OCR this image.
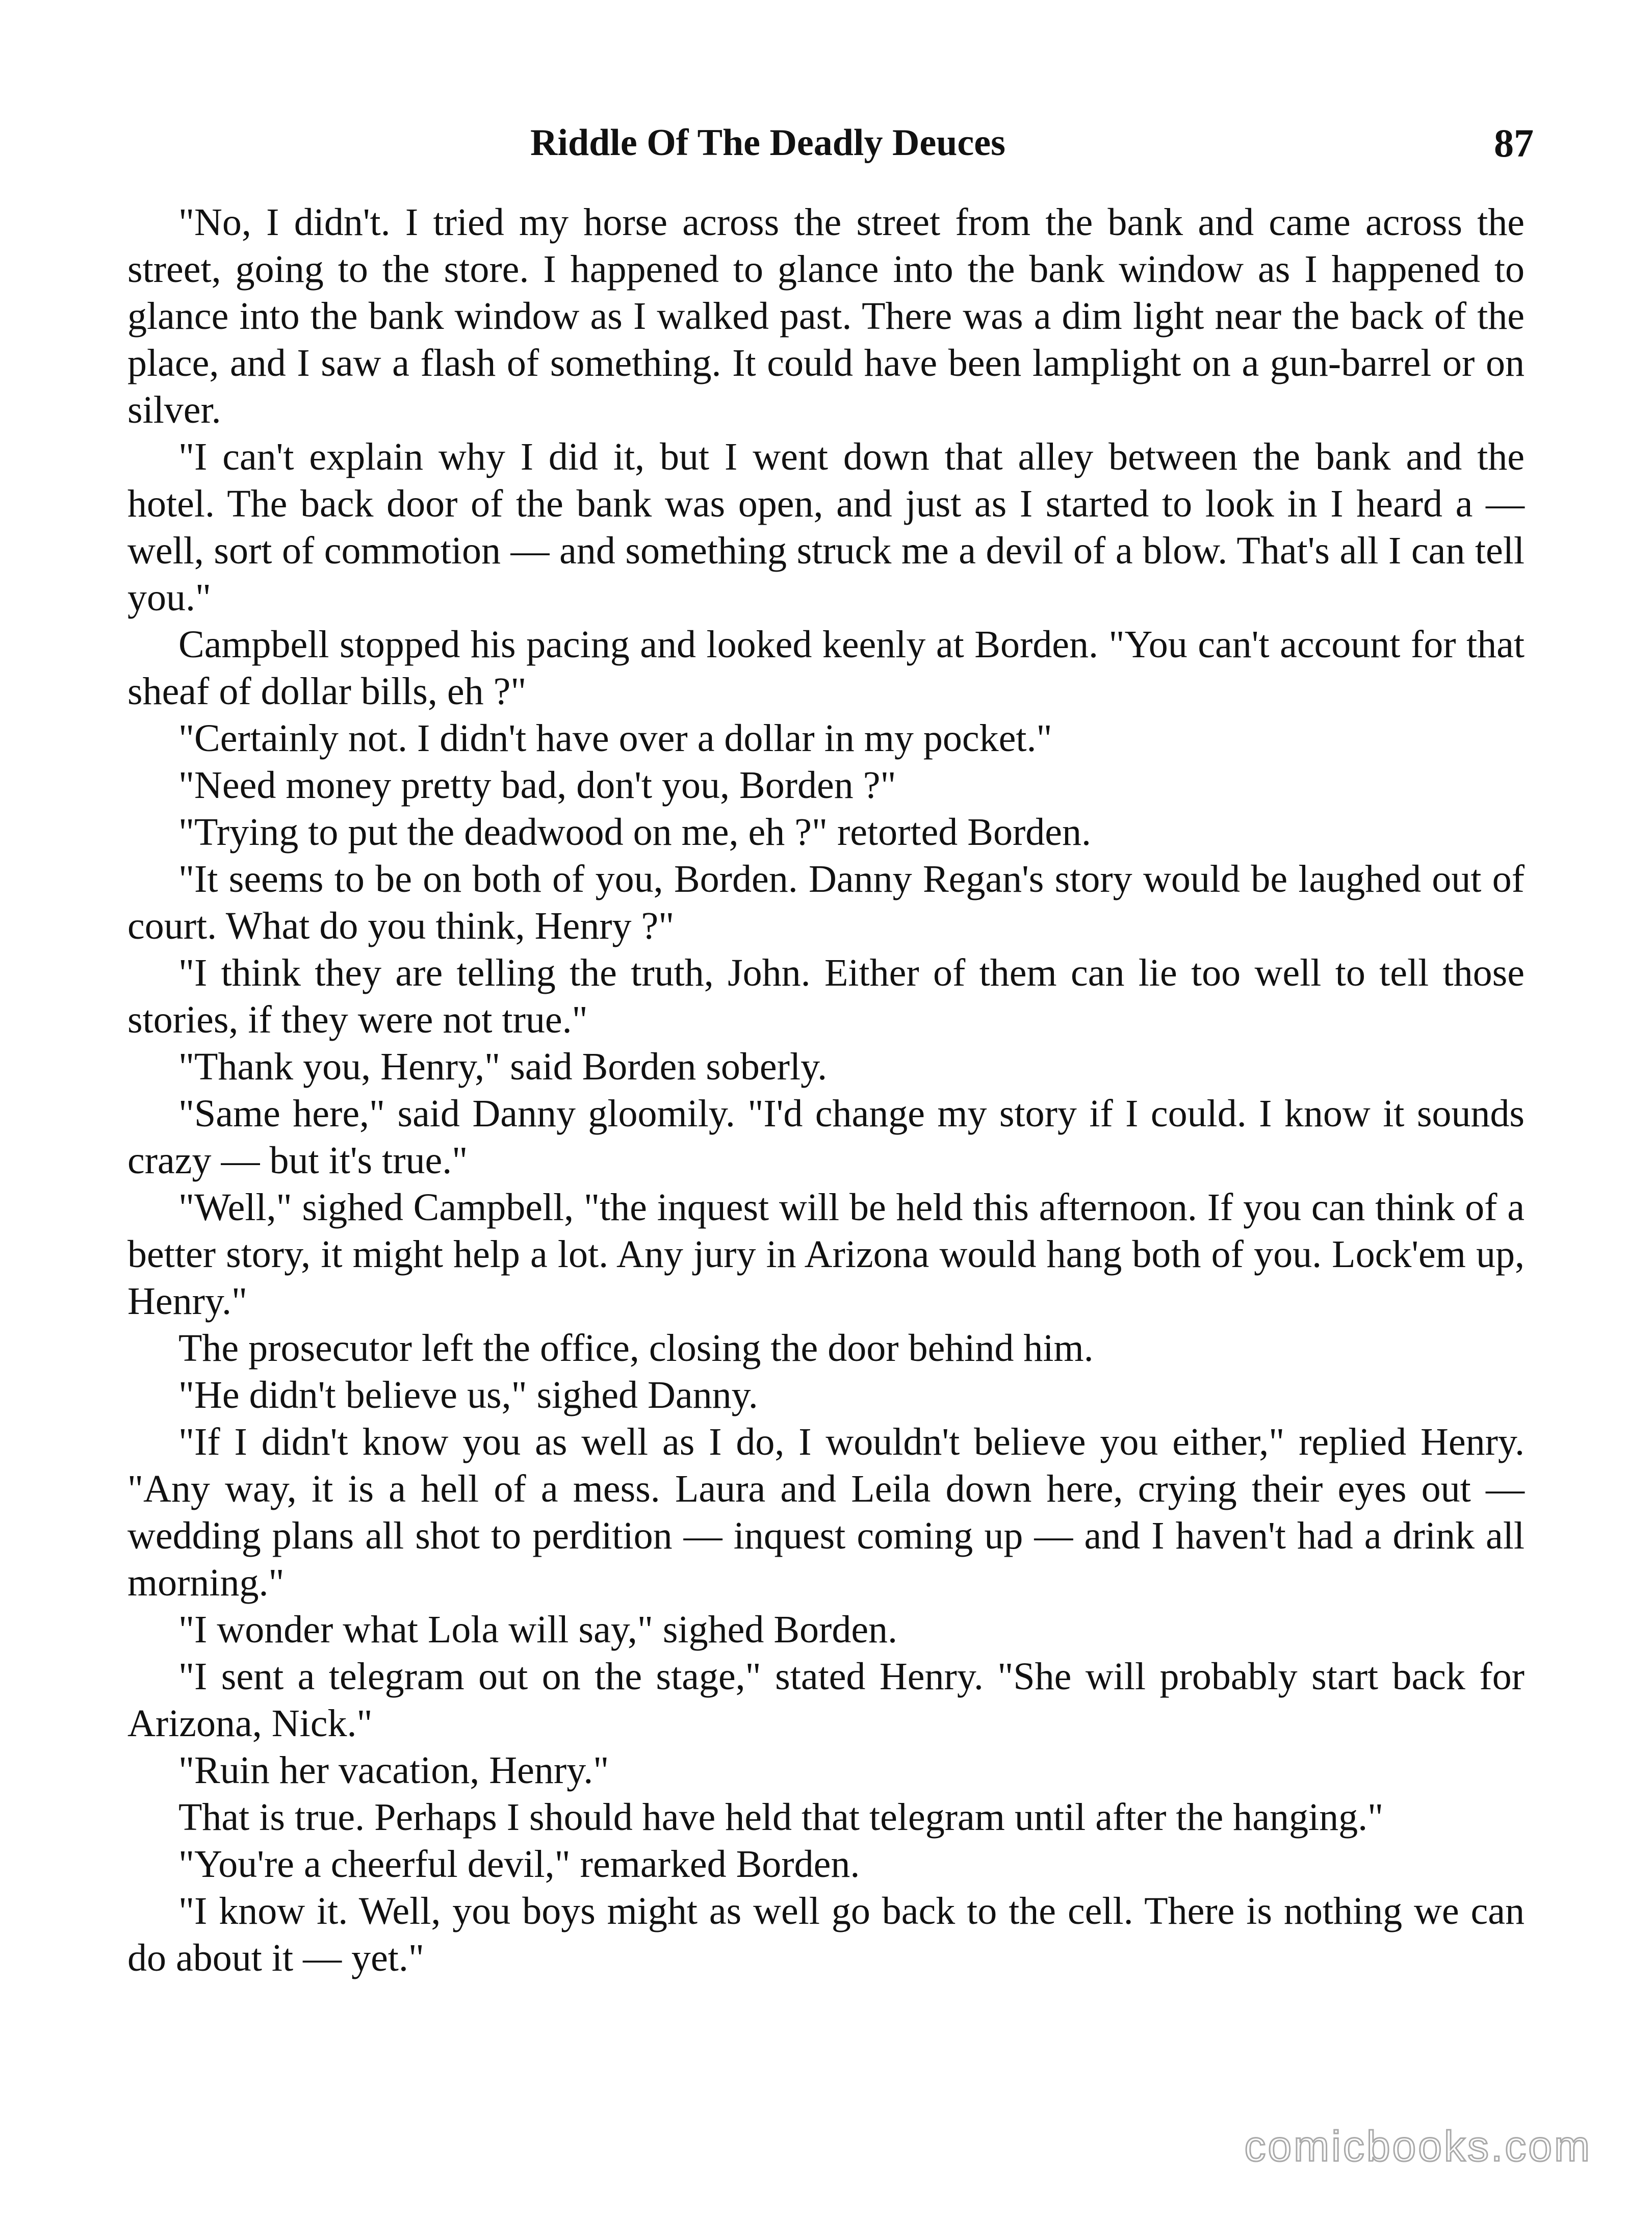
Riddle Of The Deadly Deuces	87

"No, I didn't. I tried my horse across the street from the bank and came across the street, going to the store. I happened to glance into the bank window as I happened to glance into the bank window as I walked past. There was a dim light near the back of the place, and I saw a flash of something. It could have been lamplight on a gun-barrel or on silver.

"I can't explain why I did it, but I went down that alley between the bank and the hotel. The back door of the bank was open, and just as I started to look in I heard a — well, sort of commotion — and something struck me a devil of a blow. That's all I can tell you."

Campbell stopped his pacing and looked keenly at Borden. "You can't account for that sheaf of dollar bills, eh ?"

"Certainly not. I didn't have over a dollar in my pocket."

"Need money pretty bad, don't you, Borden ?"

"Trying to put the deadwood on me, eh ?" retorted Borden.

"It seems to be on both of you, Borden. Danny Regan's story would be laughed out of court. What do you think, Henry ?"

"I think they are telling the truth, John. Either of them can lie too well to tell those stories, if they were not true."

"Thank you, Henry," said Borden soberly.

"Same here," said Danny gloomily. "I'd change my story if I could. I know it sounds crazy — but it's true."

"Well," sighed Campbell, "the inquest will be held this afternoon. If you can think of a better story, it might help a lot. Any jury in Arizona would hang both of you. Lock'em up, Henry."

The prosecutor left the office, closing the door behind him.

"He didn't believe us," sighed Danny.

"If I didn't know you as well as I do, I wouldn't believe you either," replied Henry. "Any way, it is a hell of a mess. Laura and Leila down here, crying their eyes out — wedding plans all shot to perdition — inquest coming up — and I haven't had a drink all morning."

"I wonder what Lola will say," sighed Borden.

"I sent a telegram out on the stage," stated Henry. "She will probably start back for Arizona, Nick."

"Ruin her vacation, Henry."

That is true. Perhaps I should have held that telegram until after the hanging."

"You're a cheerful devil," remarked Borden.

"I know it. Well, you boys might as well go back to the cell. There is nothing we can do about it — yet."

comicbooks.com
